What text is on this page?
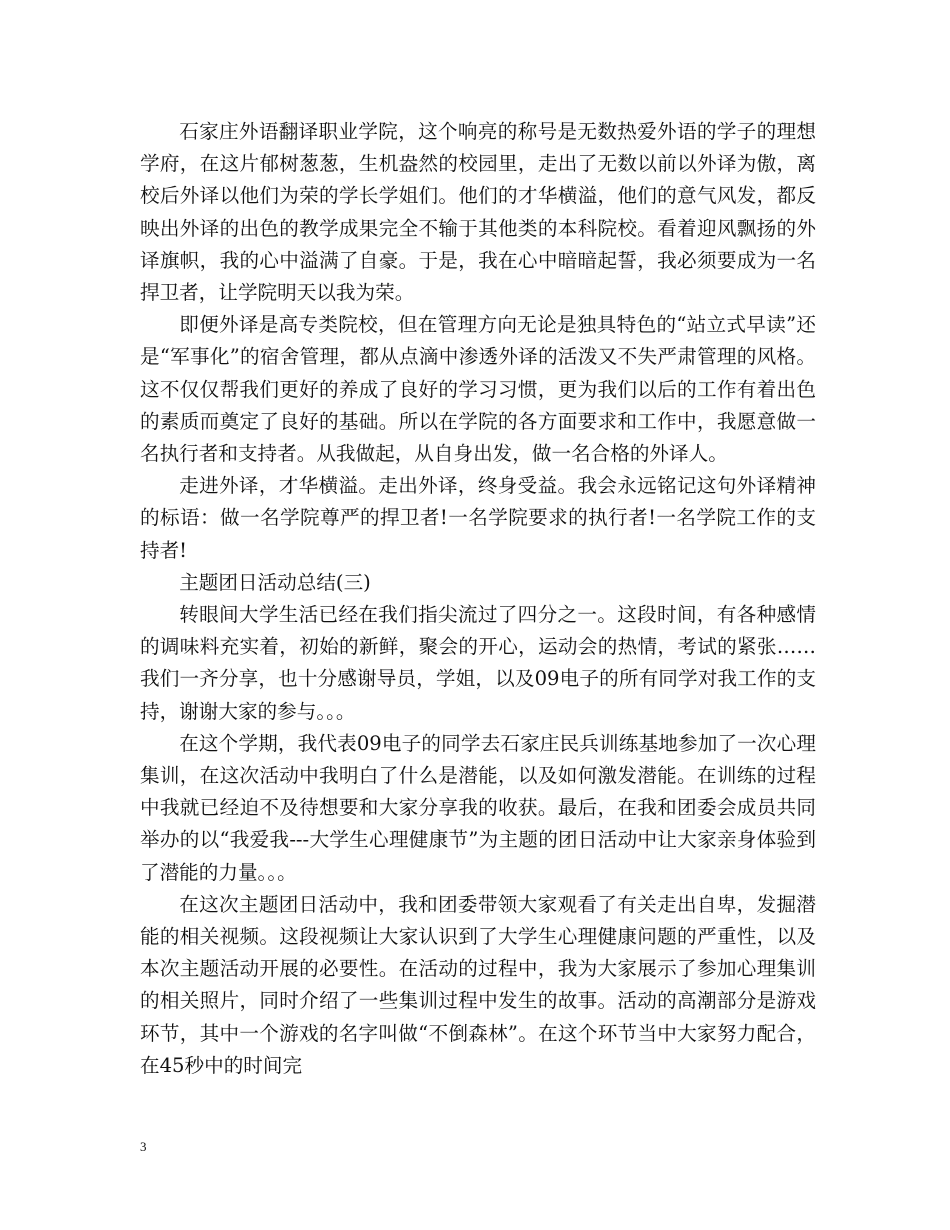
石家庄外语翻译职业学院，这个响亮的称号是无数热爱外语的学子的理想学府，在这片郁树葱葱，生机盎然的校园里，走出了无数以前以外译为傲，离校后外译以他们为荣的学长学姐们。他们的才华横溢，他们的意气风发，都反映出外译的出色的教学成果完全不输于其他类的本科院校。看着迎风飘扬的外译旗帜，我的心中溢满了自豪。于是，我在心中暗暗起誓，我必须要成为一名捍卫者，让学院明天以我为荣。

即便外译是高专类院校，但在管理方向无论是独具特色的“站立式早读”还是“军事化”的宿舍管理，都从点滴中渗透外译的活泼又不失严肃管理的风格。这不仅仅帮我们更好的养成了良好的学习习惯，更为我们以后的工作有着出色的素质而奠定了良好的基础。所以在学院的各方面要求和工作中，我愿意做一名执行者和支持者。从我做起，从自身出发，做一名合格的外译人。

走进外译，才华横溢。走出外译，终身受益。我会永远铭记这句外译精神的标语：做一名学院尊严的捍卫者!一名学院要求的执行者!一名学院工作的支持者!

主题团日活动总结(三)

转眼间大学生活已经在我们指尖流过了四分之一。这段时间，有各种感情的调味料充实着，初始的新鲜，聚会的开心，运动会的热情，考试的紧张……我们一齐分享，也十分感谢导员，学姐，以及09电子的所有同学对我工作的支持，谢谢大家的参与。。。

在这个学期，我代表09电子的同学去石家庄民兵训练基地参加了一次心理集训，在这次活动中我明白了什么是潜能，以及如何激发潜能。在训练的过程中我就已经迫不及待想要和大家分享我的收获。最后，在我和团委会成员共同举办的以“我爱我---大学生心理健康节”为主题的团日活动中让大家亲身体验到了潜能的力量。。。

在这次主题团日活动中，我和团委带领大家观看了有关走出自卑，发掘潜能的相关视频。这段视频让大家认识到了大学生心理健康问题的严重性，以及本次主题活动开展的必要性。在活动的过程中，我为大家展示了参加心理集训的相关照片，同时介绍了一些集训过程中发生的故事。活动的高潮部分是游戏环节，其中一个游戏的名字叫做“不倒森林”。在这个环节当中大家努力配合，在45秒中的时间完

3
